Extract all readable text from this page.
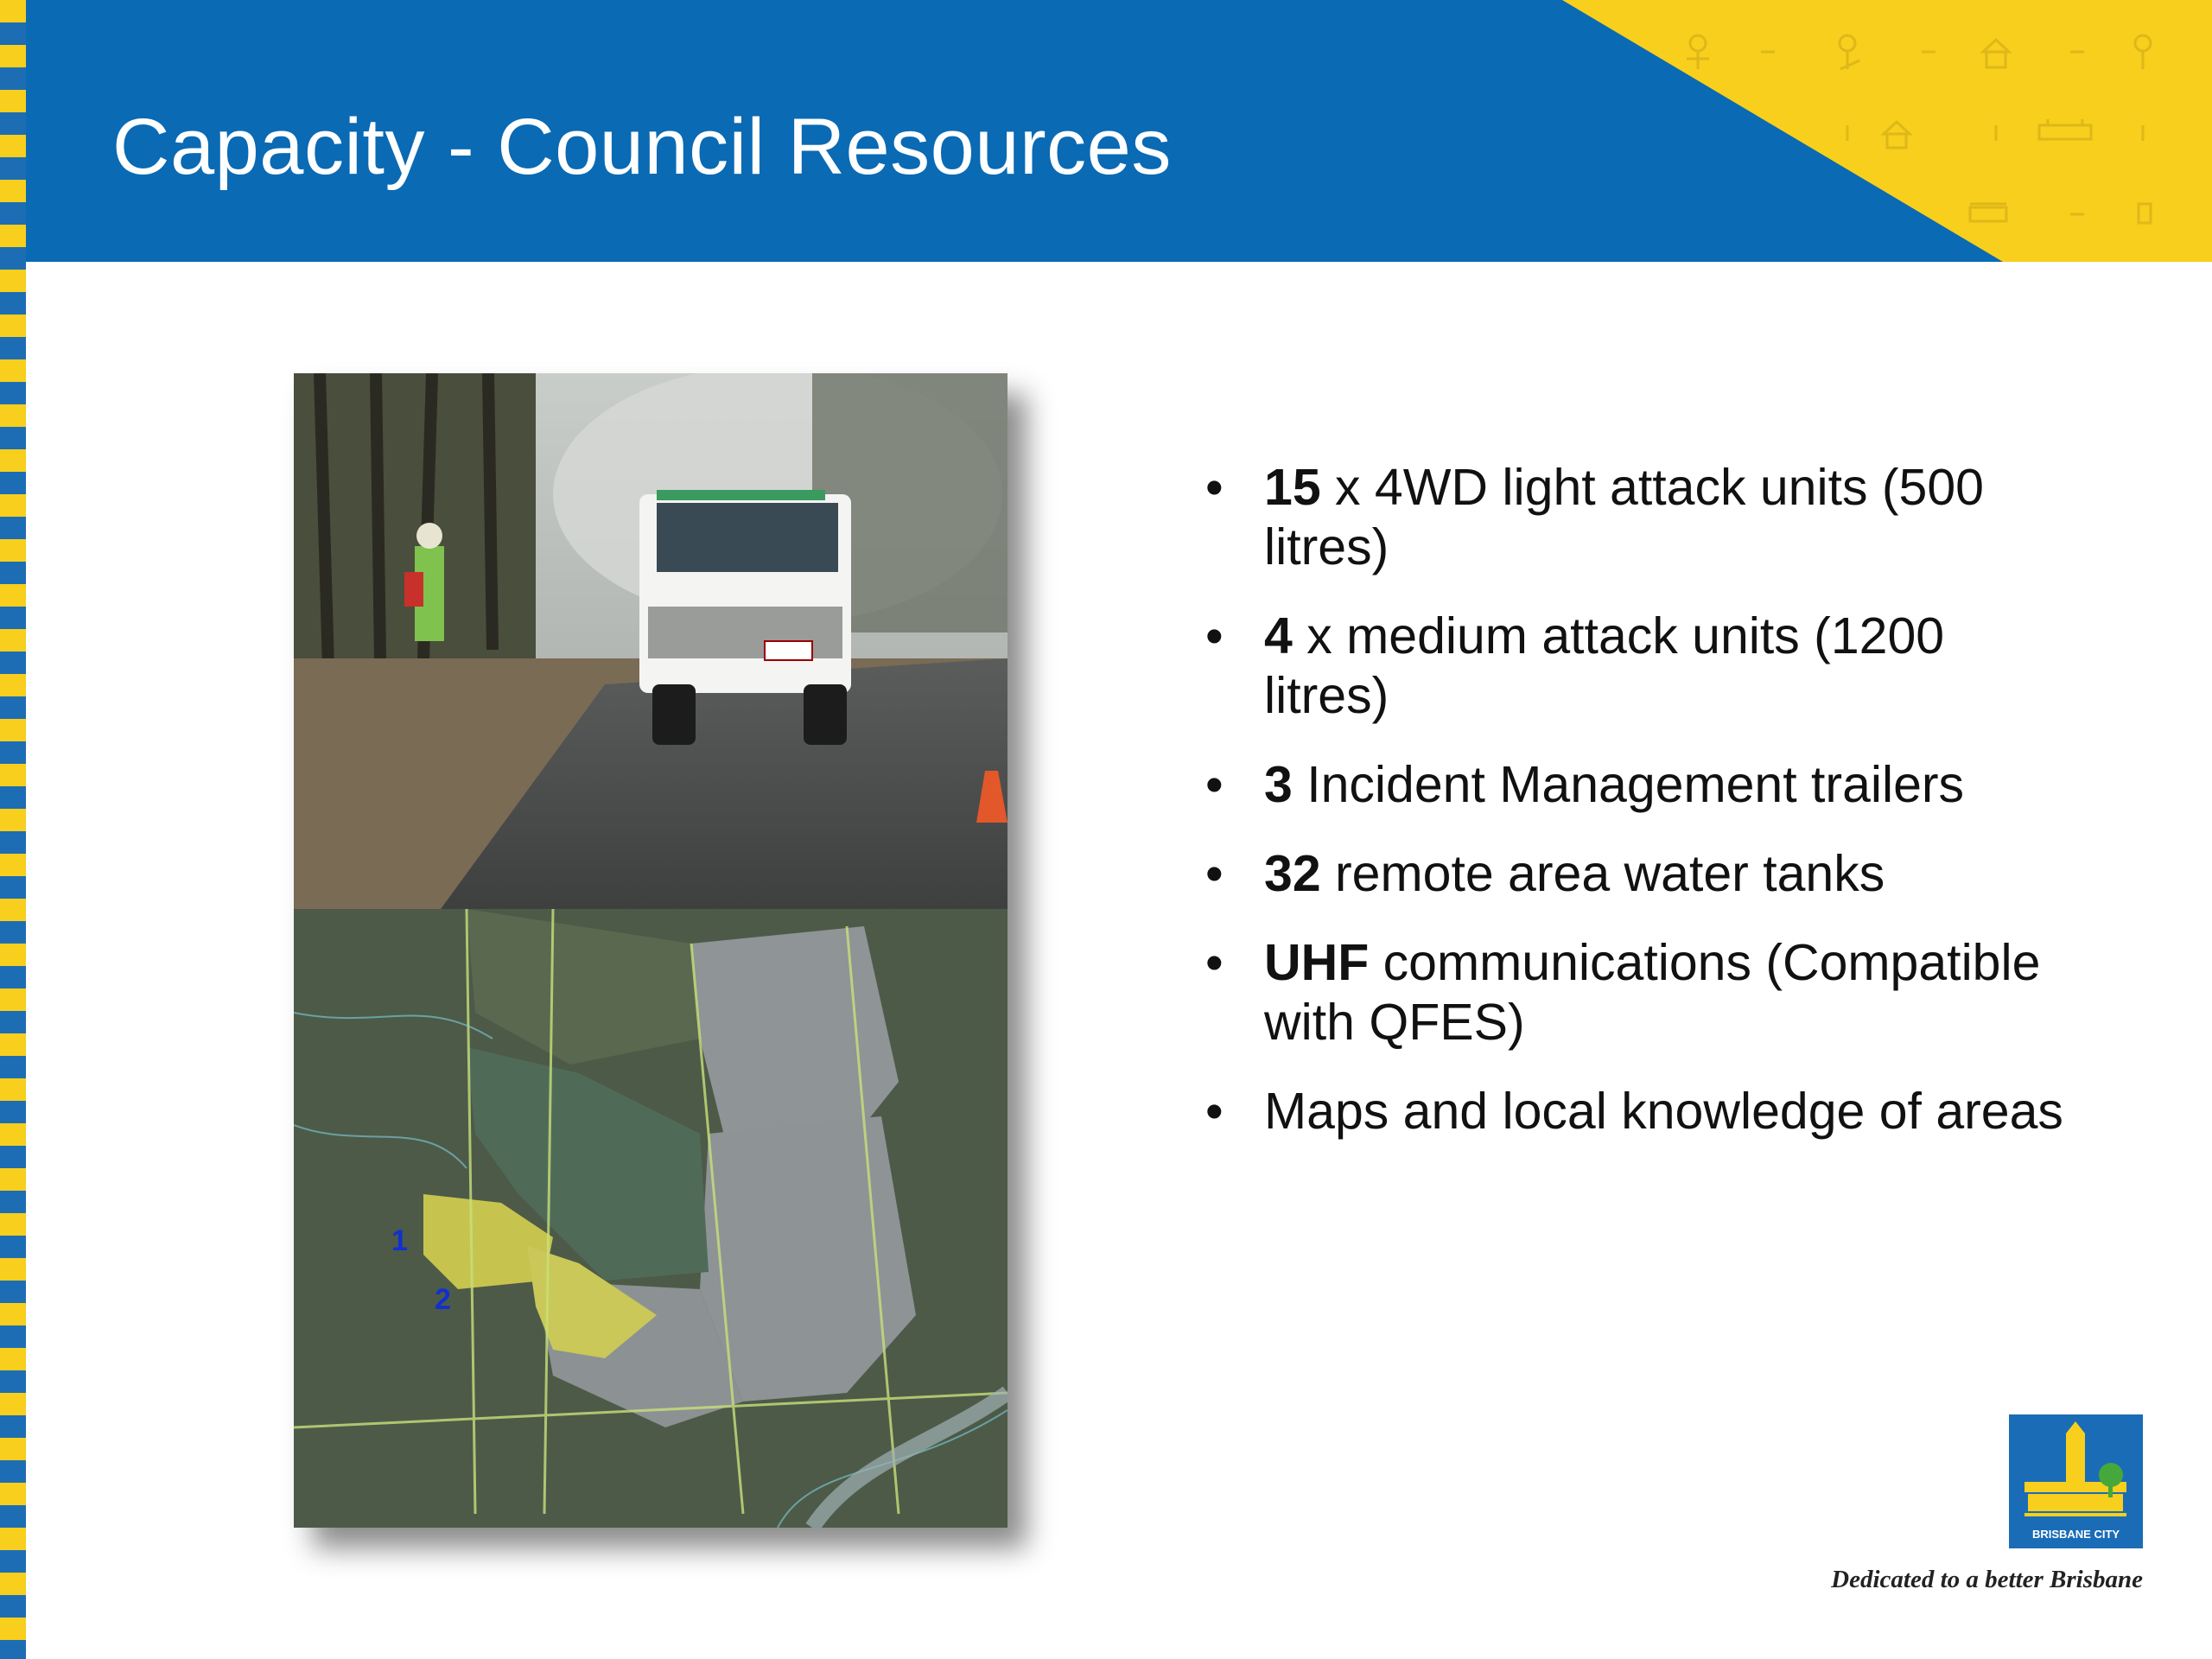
Capacity - Council Resources
1
2
• 15 x 4WD light attack units (500 litres)
• 4 x medium attack units (1200 litres)
• 3 Incident Management trailers
• 32 remote area water tanks
• UHF communications (Compatible with QFES)
• Maps and local knowledge of areas
BRISBANE CITY
Dedicated to a better Brisbane
